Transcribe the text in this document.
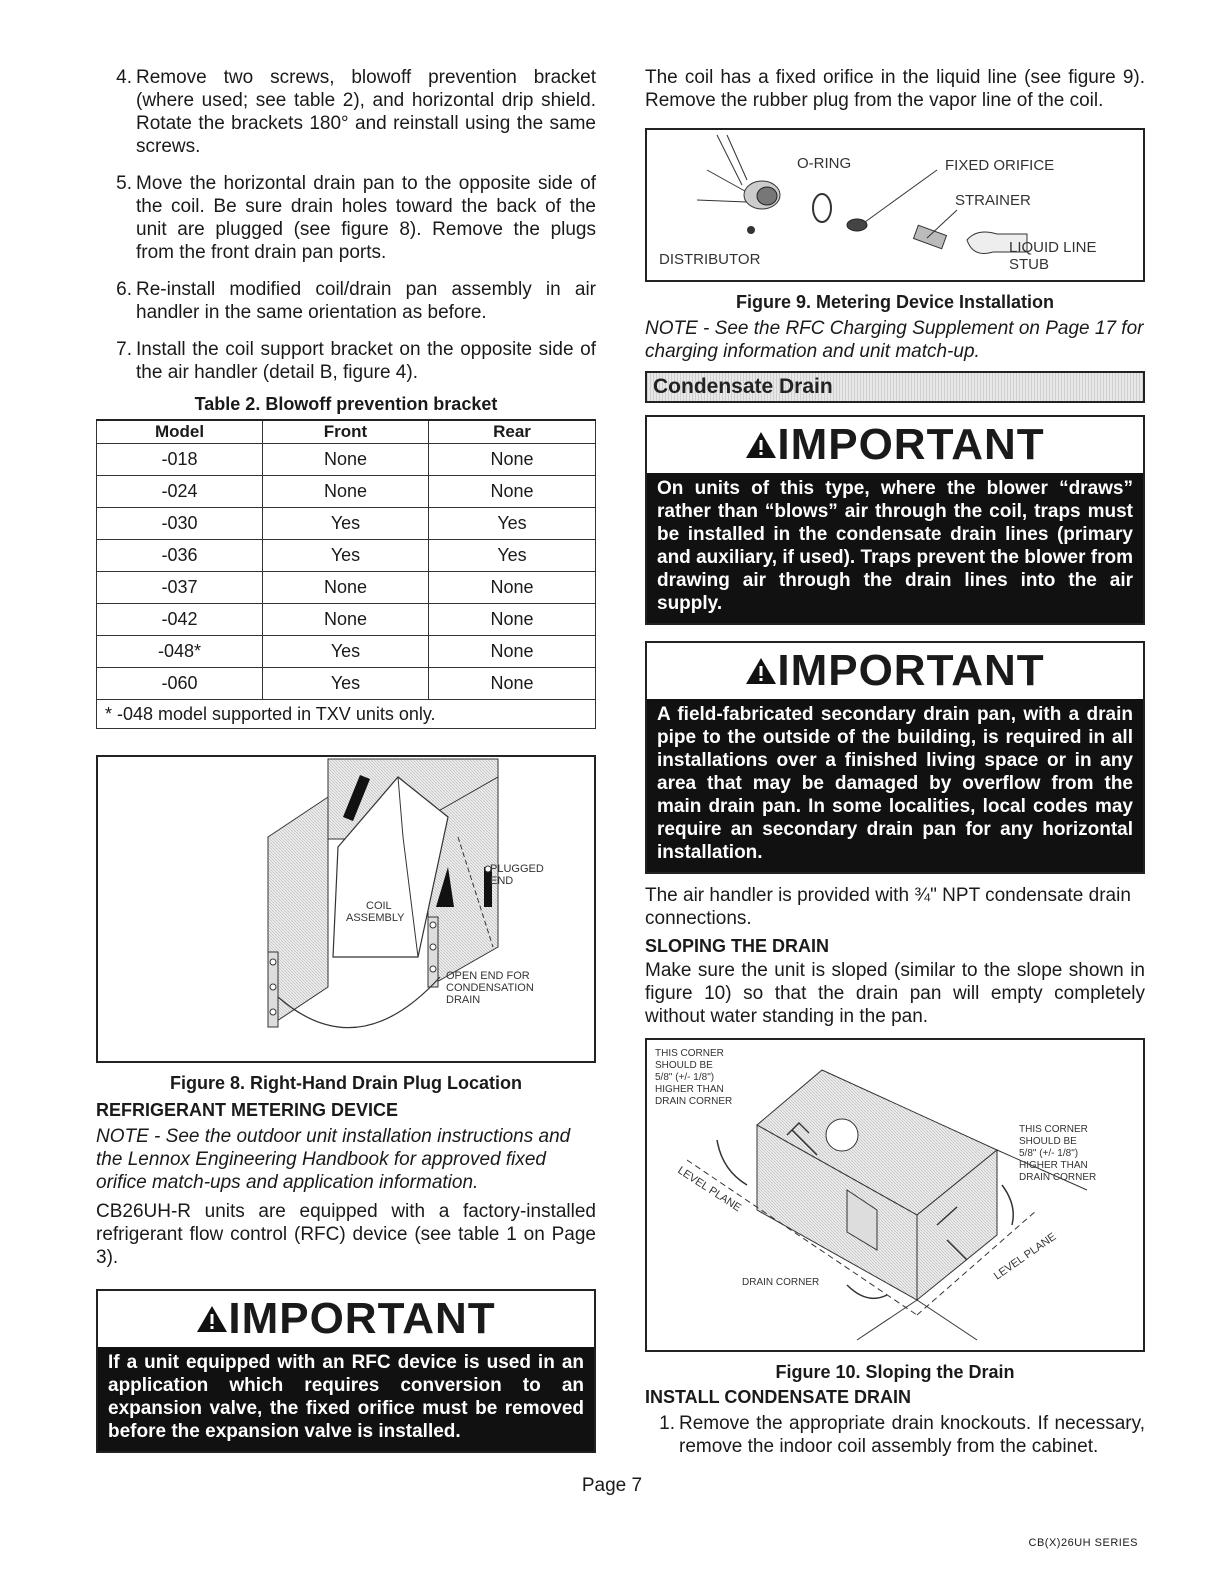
4. Remove two screws, blowoff prevention bracket (where used; see table 2), and horizontal drip shield. Rotate the brackets 180° and reinstall using the same screws.
5. Move the horizontal drain pan to the opposite side of the coil. Be sure drain holes toward the back of the unit are plugged (see figure 8). Remove the plugs from the front drain pan ports.
6. Re-install modified coil/drain pan assembly in air handler in the same orientation as before.
7. Install the coil support bracket on the opposite side of the air handler (detail B, figure 4).
Table 2. Blowoff prevention bracket
Model	Front	Rear
-018	None	None
-024	None	None
-030	Yes	Yes
-036	Yes	Yes
-037	None	None
-042	None	None
-048*	Yes	None
-060	Yes	None
* -048 model supported in TXV units only.		
PLUGGED
END
COIL
ASSEMBLY
OPEN END FOR
CONDENSATION
DRAIN
Figure 8. Right-Hand Drain Plug Location
REFRIGERANT METERING DEVICE

NOTE - See the outdoor unit installation instructions and the Lennox Engineering Handbook for approved fixed orifice match-ups and application information.

CB26UH-R units are equipped with a factory-installed refrigerant flow control (RFC) device (see table 1 on Page 3).

IMPORTANT
If a unit equipped with an RFC device is used in an application which requires conversion to an expansion valve, the fixed orifice must be removed before the expansion valve is installed.

The coil has a fixed orifice in the liquid line (see figure 9). Remove the rubber plug from the vapor line of the coil.

O-RING	FIXED ORIFICE
STRAINER
LIQUID LINE
STUB
DISTRIBUTOR
Figure 9. Metering Device Installation

NOTE - See the RFC Charging Supplement on Page 17 for charging information and unit match-up.

Condensate Drain
IMPORTANT
On units of this type, where the blower “draws” rather than “blows” air through the coil, traps must be installed in the condensate drain lines (primary and auxiliary, if used). Traps prevent the blower from drawing air through the drain lines into the air supply.
IMPORTANT
A field-fabricated secondary drain pan, with a drain pipe to the outside of the building, is required in all installations over a finished living space or in any area that may be damaged by overflow from the main drain pan. In some localities, local codes may require an secondary drain pan for any horizontal installation.

The air handler is provided with ¾" NPT condensate drain connections.

SLOPING THE DRAIN

Make sure the unit is sloped (similar to the slope shown in figure 10) so that the drain pan will empty completely without water standing in the pan.

THIS CORNER
SHOULD BE
5/8" (+/- 1/8")
HIGHER THAN
DRAIN CORNER
THIS CORNER
SHOULD BE
5/8" (+/- 1/8")
HIGHER THAN
DRAIN CORNER
LEVEL PLANE
LEVEL PLANE
DRAIN CORNER
Figure 10. Sloping the Drain
INSTALL CONDENSATE DRAIN
1. Remove the appropriate drain knockouts. If necessary, remove the indoor coil assembly from the cabinet.
Page 7
CB(X)26UH SERIES
